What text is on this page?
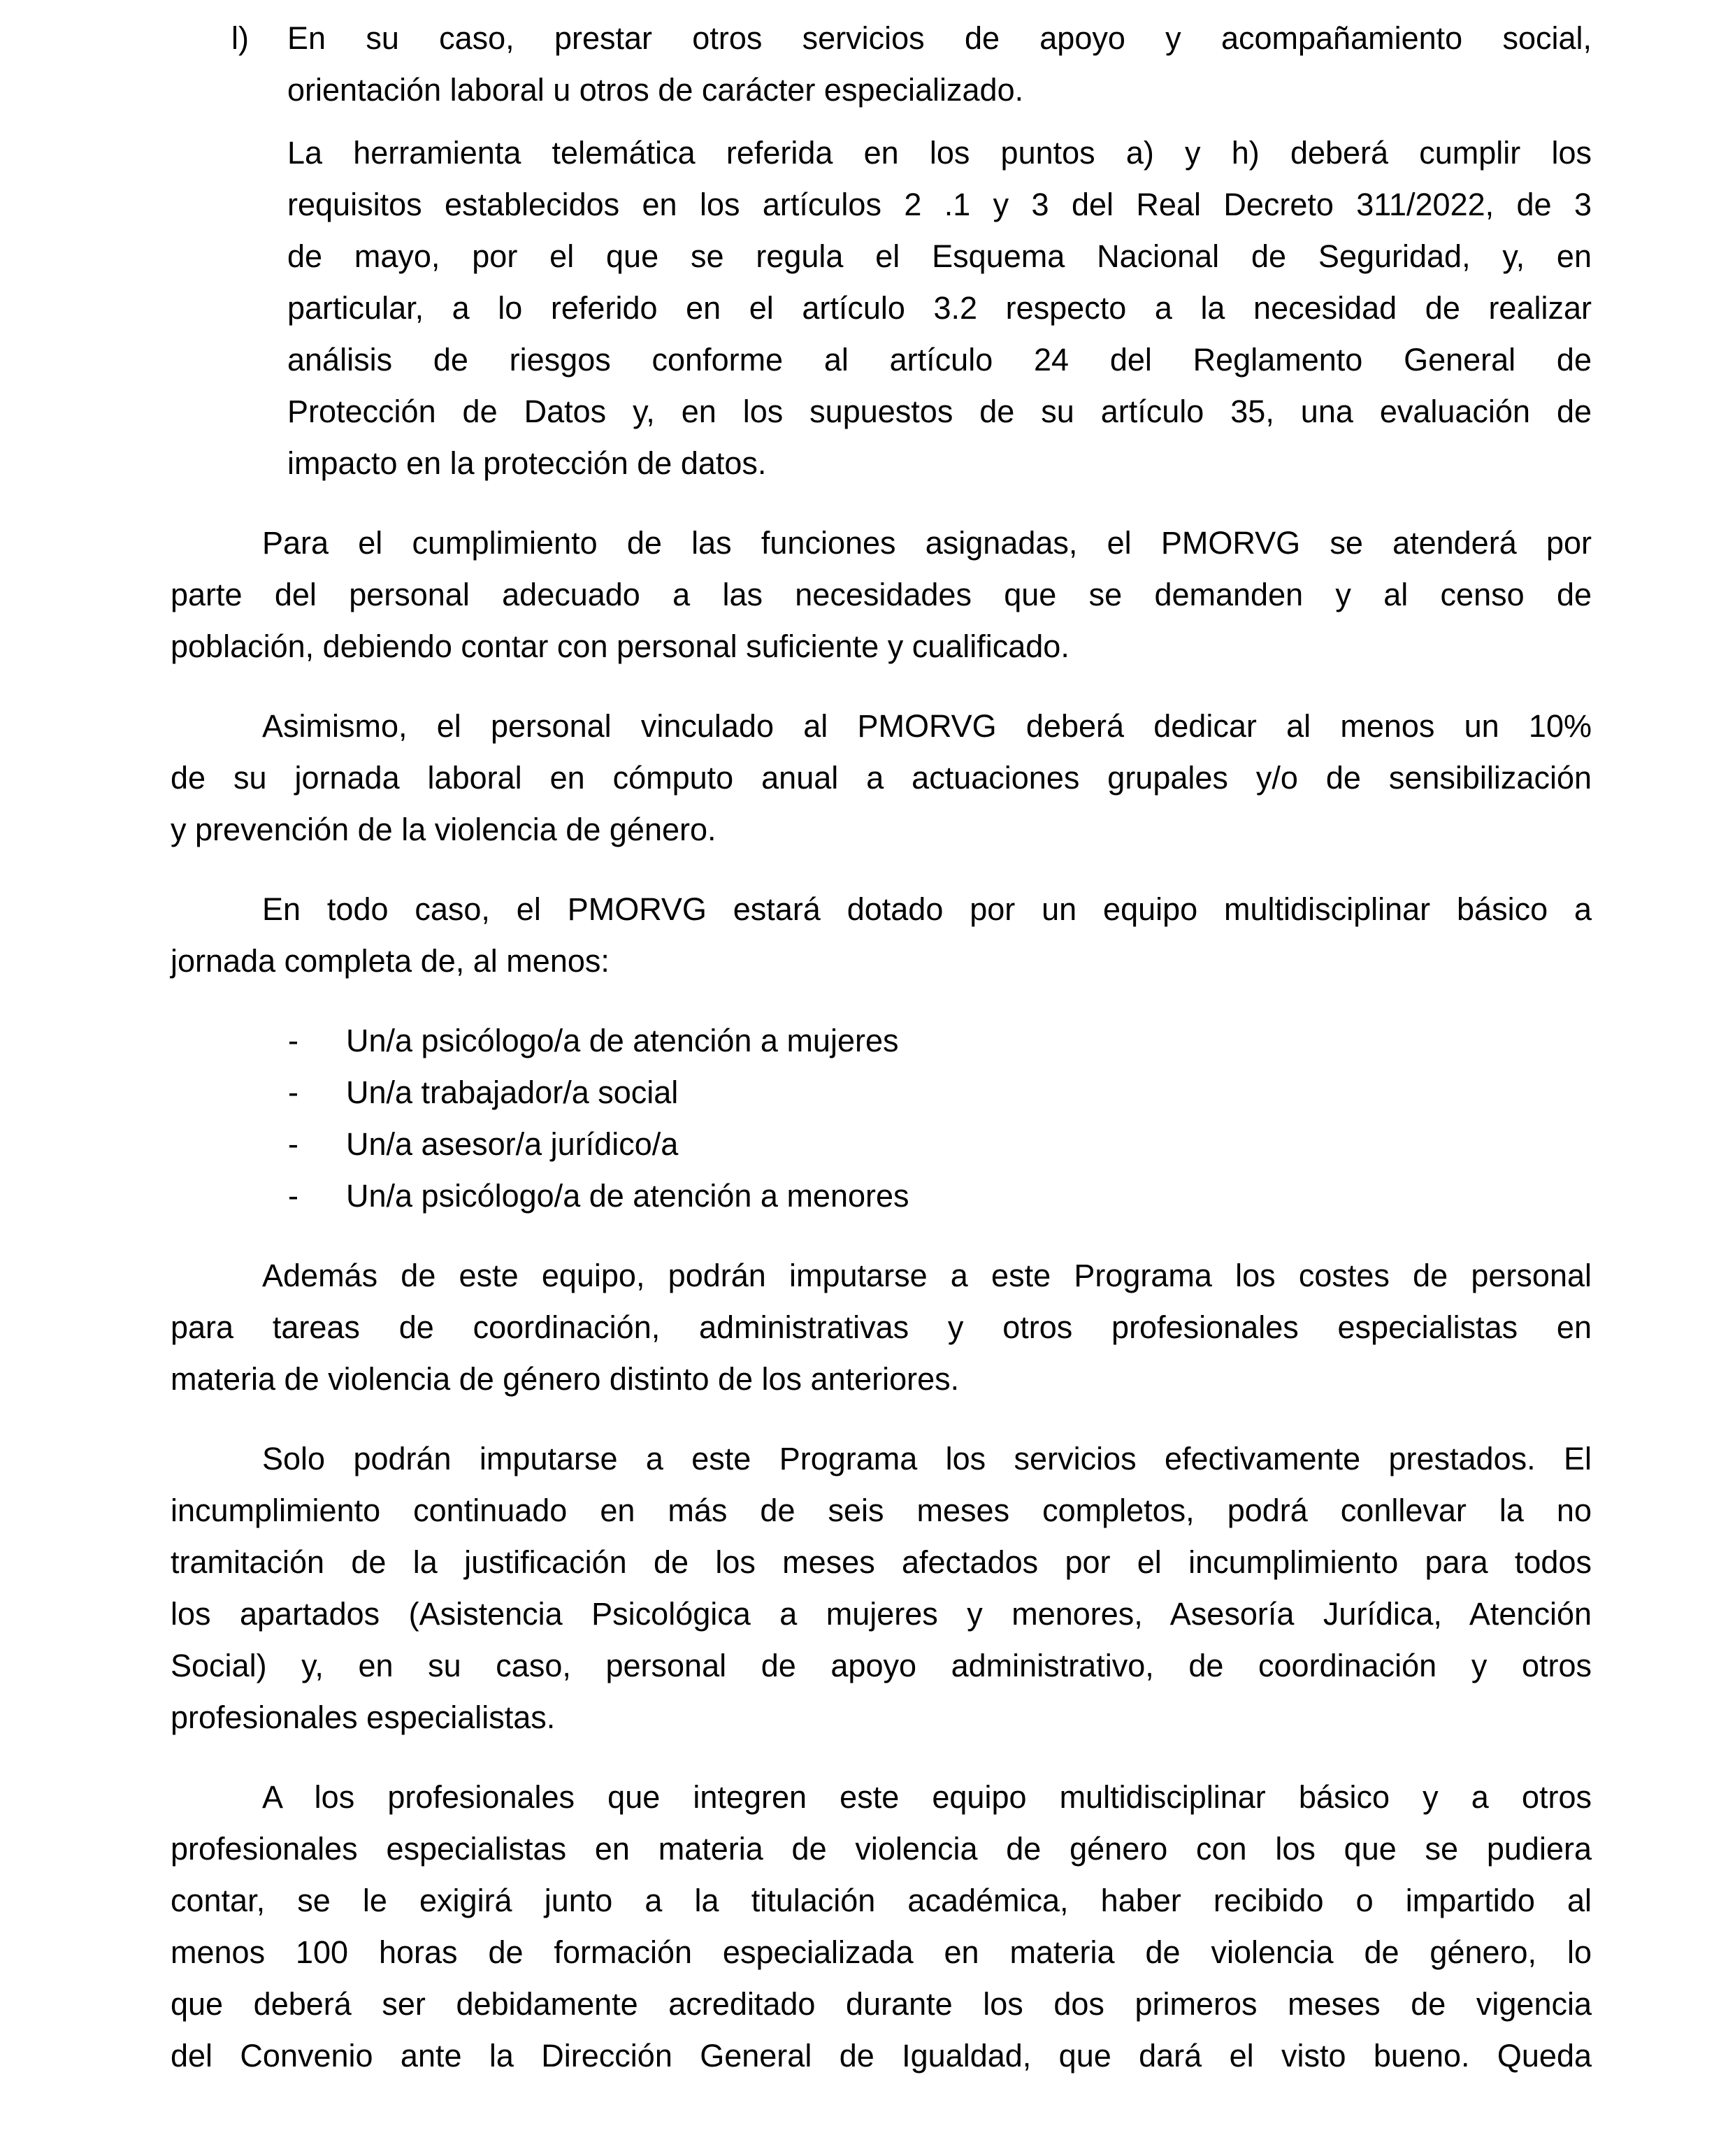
l) En su caso, prestar otros servicios de apoyo y acompañamiento social,
orientación laboral u otros de carácter especializado.
La herramienta telemática referida en los puntos a) y h) deberá cumplir los
requisitos establecidos en los artículos 2 .1 y 3 del Real Decreto 311/2022, de 3
de mayo, por el que se regula el Esquema Nacional de Seguridad, y, en
particular, a lo referido en el artículo 3.2 respecto a la necesidad de realizar
análisis de riesgos conforme al artículo 24 del Reglamento General de
Protección de Datos y, en los supuestos de su artículo 35, una evaluación de
impacto en la protección de datos.
Para el cumplimiento de las funciones asignadas, el PMORVG se atenderá por
parte del personal adecuado a las necesidades que se demanden y al censo de
población, debiendo contar con personal suficiente y cualificado.
Asimismo, el personal vinculado al PMORVG deberá dedicar al menos un 10%
de su jornada laboral en cómputo anual a actuaciones grupales y/o de sensibilización
y prevención de la violencia de género.
En todo caso, el PMORVG estará dotado por un equipo multidisciplinar básico a
jornada completa de, al menos:
- Un/a psicólogo/a de atención a mujeres
- Un/a trabajador/a social
- Un/a asesor/a jurídico/a
- Un/a psicólogo/a de atención a menores
Además de este equipo, podrán imputarse a este Programa los costes de personal
para tareas de coordinación, administrativas y otros profesionales especialistas en
materia de violencia de género distinto de los anteriores.
Solo podrán imputarse a este Programa los servicios efectivamente prestados. El
incumplimiento continuado en más de seis meses completos, podrá conllevar la no
tramitación de la justificación de los meses afectados por el incumplimiento para todos
los apartados (Asistencia Psicológica a mujeres y menores, Asesoría Jurídica, Atención
Social) y, en su caso, personal de apoyo administrativo, de coordinación y otros
profesionales especialistas.
A los profesionales que integren este equipo multidisciplinar básico y a otros
profesionales especialistas en materia de violencia de género con los que se pudiera
contar, se le exigirá junto a la titulación académica, haber recibido o impartido al
menos 100 horas de formación especializada en materia de violencia de género, lo
que deberá ser debidamente acreditado durante los dos primeros meses de vigencia
del Convenio ante la Dirección General de Igualdad, que dará el visto bueno. Queda
